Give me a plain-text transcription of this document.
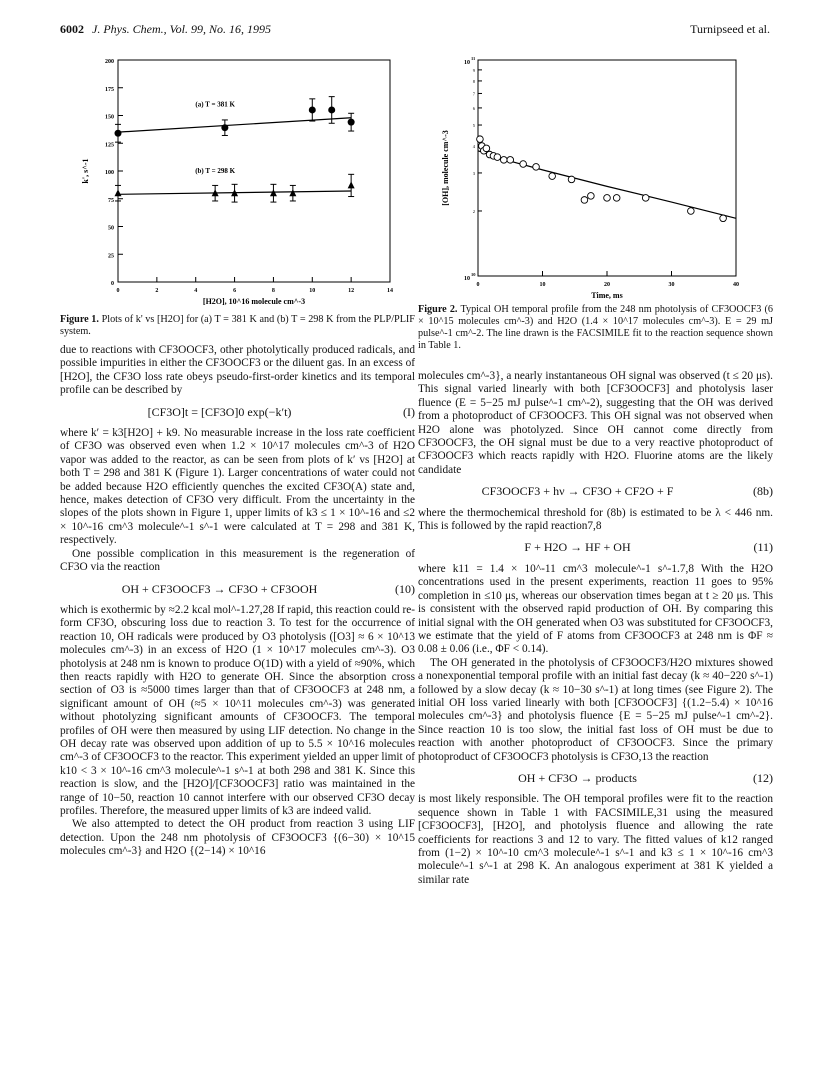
6002 J. Phys. Chem., Vol. 99, No. 16, 1995	Turnipseed et al.
0
25
50
75
100
125
150
175
200
0	2	4	6	8	10	12	14
[H2O], 10^16 molecule cm^-3
k', s^-1
(a) T = 381 K
(b) T = 298 K
Figure 1. Plots of k' vs [H2O] for (a) T = 381 K and (b) T = 298 K from the PLP/PLIF system.
2
3
4
5
6
7
8
9
10
10
10
11
0	10	20	30	40
Time, ms
[OH], molecule cm^-3
Figure 2. Typical OH temporal profile from the 248 nm photolysis of CF3OOCF3 (6 × 10^15 molecules cm^-3) and H2O (1.4 × 10^17 molecules cm^-3). E = 29 mJ pulse^-1 cm^-2. The line drawn is the FACSIMILE fit to the reaction sequence shown in Table 1.

due to reactions with CF3OOCF3, other photolytically produced radicals, and possible impurities in either the CF3OOCF3 or the diluent gas. In an excess of [H2O], the CF3O loss rate obeys pseudo-first-order kinetics and its temporal profile can be described by

[CF3O]t = [CF3O]0 exp(−k′t)	(I)

where k′ = k3[H2O] + k9. No measurable increase in the loss rate coefficient of CF3O was observed even when 1.2 × 10^17 molecules cm^-3 of H2O vapor was added to the reactor, as can be seen from plots of k′ vs [H2O] at both T = 298 and 381 K (Figure 1). Larger concentrations of water could not be added because H2O efficiently quenches the excited CF3O(A) state and, hence, makes detection of CF3O very difficult. From the uncertainty in the slopes of the plots shown in Figure 1, upper limits of k3 ≤ 1 × 10^-16 and ≤2 × 10^-16 cm^3 molecule^-1 s^-1 were calculated at T = 298 and 381 K, respectively.

One possible complication in this measurement is the regeneration of CF3O via the reaction

OH + CF3OOCF3 → CF3O + CF3OOH	(10)

which is exothermic by ≈2.2 kcal mol^-1.27,28 If rapid, this reaction could re-form CF3O, obscuring loss due to reaction 3. To test for the occurrence of reaction 10, OH radicals were produced by O3 photolysis ([O3] ≈ 6 × 10^13 molecules cm^-3) in an excess of H2O (1 × 10^17 molecules cm^-3). O3 photolysis at 248 nm is known to produce O(1D) with a yield of ≈90%, which then reacts rapidly with H2O to generate OH. Since the absorption cross section of O3 is ≈5000 times larger than that of CF3OOCF3 at 248 nm, a significant amount of OH (≈5 × 10^11 molecules cm^-3) was generated without photolyzing significant amounts of CF3OOCF3. The temporal profiles of OH were then measured by using LIF detection. No change in the OH decay rate was observed upon addition of up to 5.5 × 10^16 molecules cm^-3 of CF3OOCF3 to the reactor. This experiment yielded an upper limit of k10 < 3 × 10^-16 cm^3 molecule^-1 s^-1 at both 298 and 381 K. Since this reaction is slow, and the [H2O]/[CF3OOCF3] ratio was maintained in the range of 10−50, reaction 10 cannot interfere with our observed CF3O decay profiles. Therefore, the measured upper limits of k3 are indeed valid.

We also attempted to detect the OH product from reaction 3 using LIF detection. Upon the 248 nm photolysis of CF3OOCF3 {(6−30) × 10^15 molecules cm^-3} and H2O {(2−14) × 10^16

molecules cm^-3}, a nearly instantaneous OH signal was observed (t ≤ 20 μs). This signal varied linearly with both [CF3OOCF3] and photolysis laser fluence (E = 5−25 mJ pulse^-1 cm^-2), suggesting that the OH was derived from a photoproduct of CF3OOCF3. This OH signal was not observed when H2O alone was photolyzed. Since OH cannot come directly from CF3OOCF3, the OH signal must be due to a very reactive photoproduct of CF3OOCF3 which reacts rapidly with H2O. Fluorine atoms are the likely candidate

CF3OOCF3 + hν → CF3O + CF2O + F	(8b)

where the thermochemical threshold for (8b) is estimated to be λ < 446 nm. This is followed by the rapid reaction7,8

F + H2O → HF + OH	(11)

where k11 = 1.4 × 10^-11 cm^3 molecule^-1 s^-1.7,8 With the H2O concentrations used in the present experiments, reaction 11 goes to 95% completion in ≤10 μs, whereas our observation times began at t ≥ 20 μs. This is consistent with the observed rapid production of OH. By comparing this initial signal with the OH generated when O3 was substituted for CF3OOCF3, we estimate that the yield of F atoms from CF3OOCF3 at 248 nm is ΦF ≈ 0.08 ± 0.06 (i.e., ΦF < 0.14).

The OH generated in the photolysis of CF3OOCF3/H2O mixtures showed a nonexponential temporal profile with an initial fast decay (k ≈ 40−220 s^-1) followed by a slow decay (k ≈ 10−30 s^-1) at long times (see Figure 2). The initial OH loss varied linearly with both [CF3OOCF3] {(1.2−5.4) × 10^16 molecules cm^-3} and photolysis fluence {E = 5−25 mJ pulse^-1 cm^-2}. Since reaction 10 is too slow, the initial fast loss of OH must be due to reaction with another photoproduct of CF3OOCF3. Since the primary photoproduct of CF3OOCF3 photolysis is CF3O,13 the reaction

OH + CF3O → products	(12)

is most likely responsible. The OH temporal profiles were fit to the reaction sequence shown in Table 1 with FACSIMILE,31 using the measured [CF3OOCF3], [H2O], and photolysis fluence and allowing the rate coefficients for reactions 3 and 12 to vary. The fitted values of k12 ranged from (1−2) × 10^-10 cm^3 molecule^-1 s^-1 and k3 ≤ 1 × 10^-16 cm^3 molecule^-1 s^-1 at 298 K. An analogous experiment at 381 K yielded a similar rate
